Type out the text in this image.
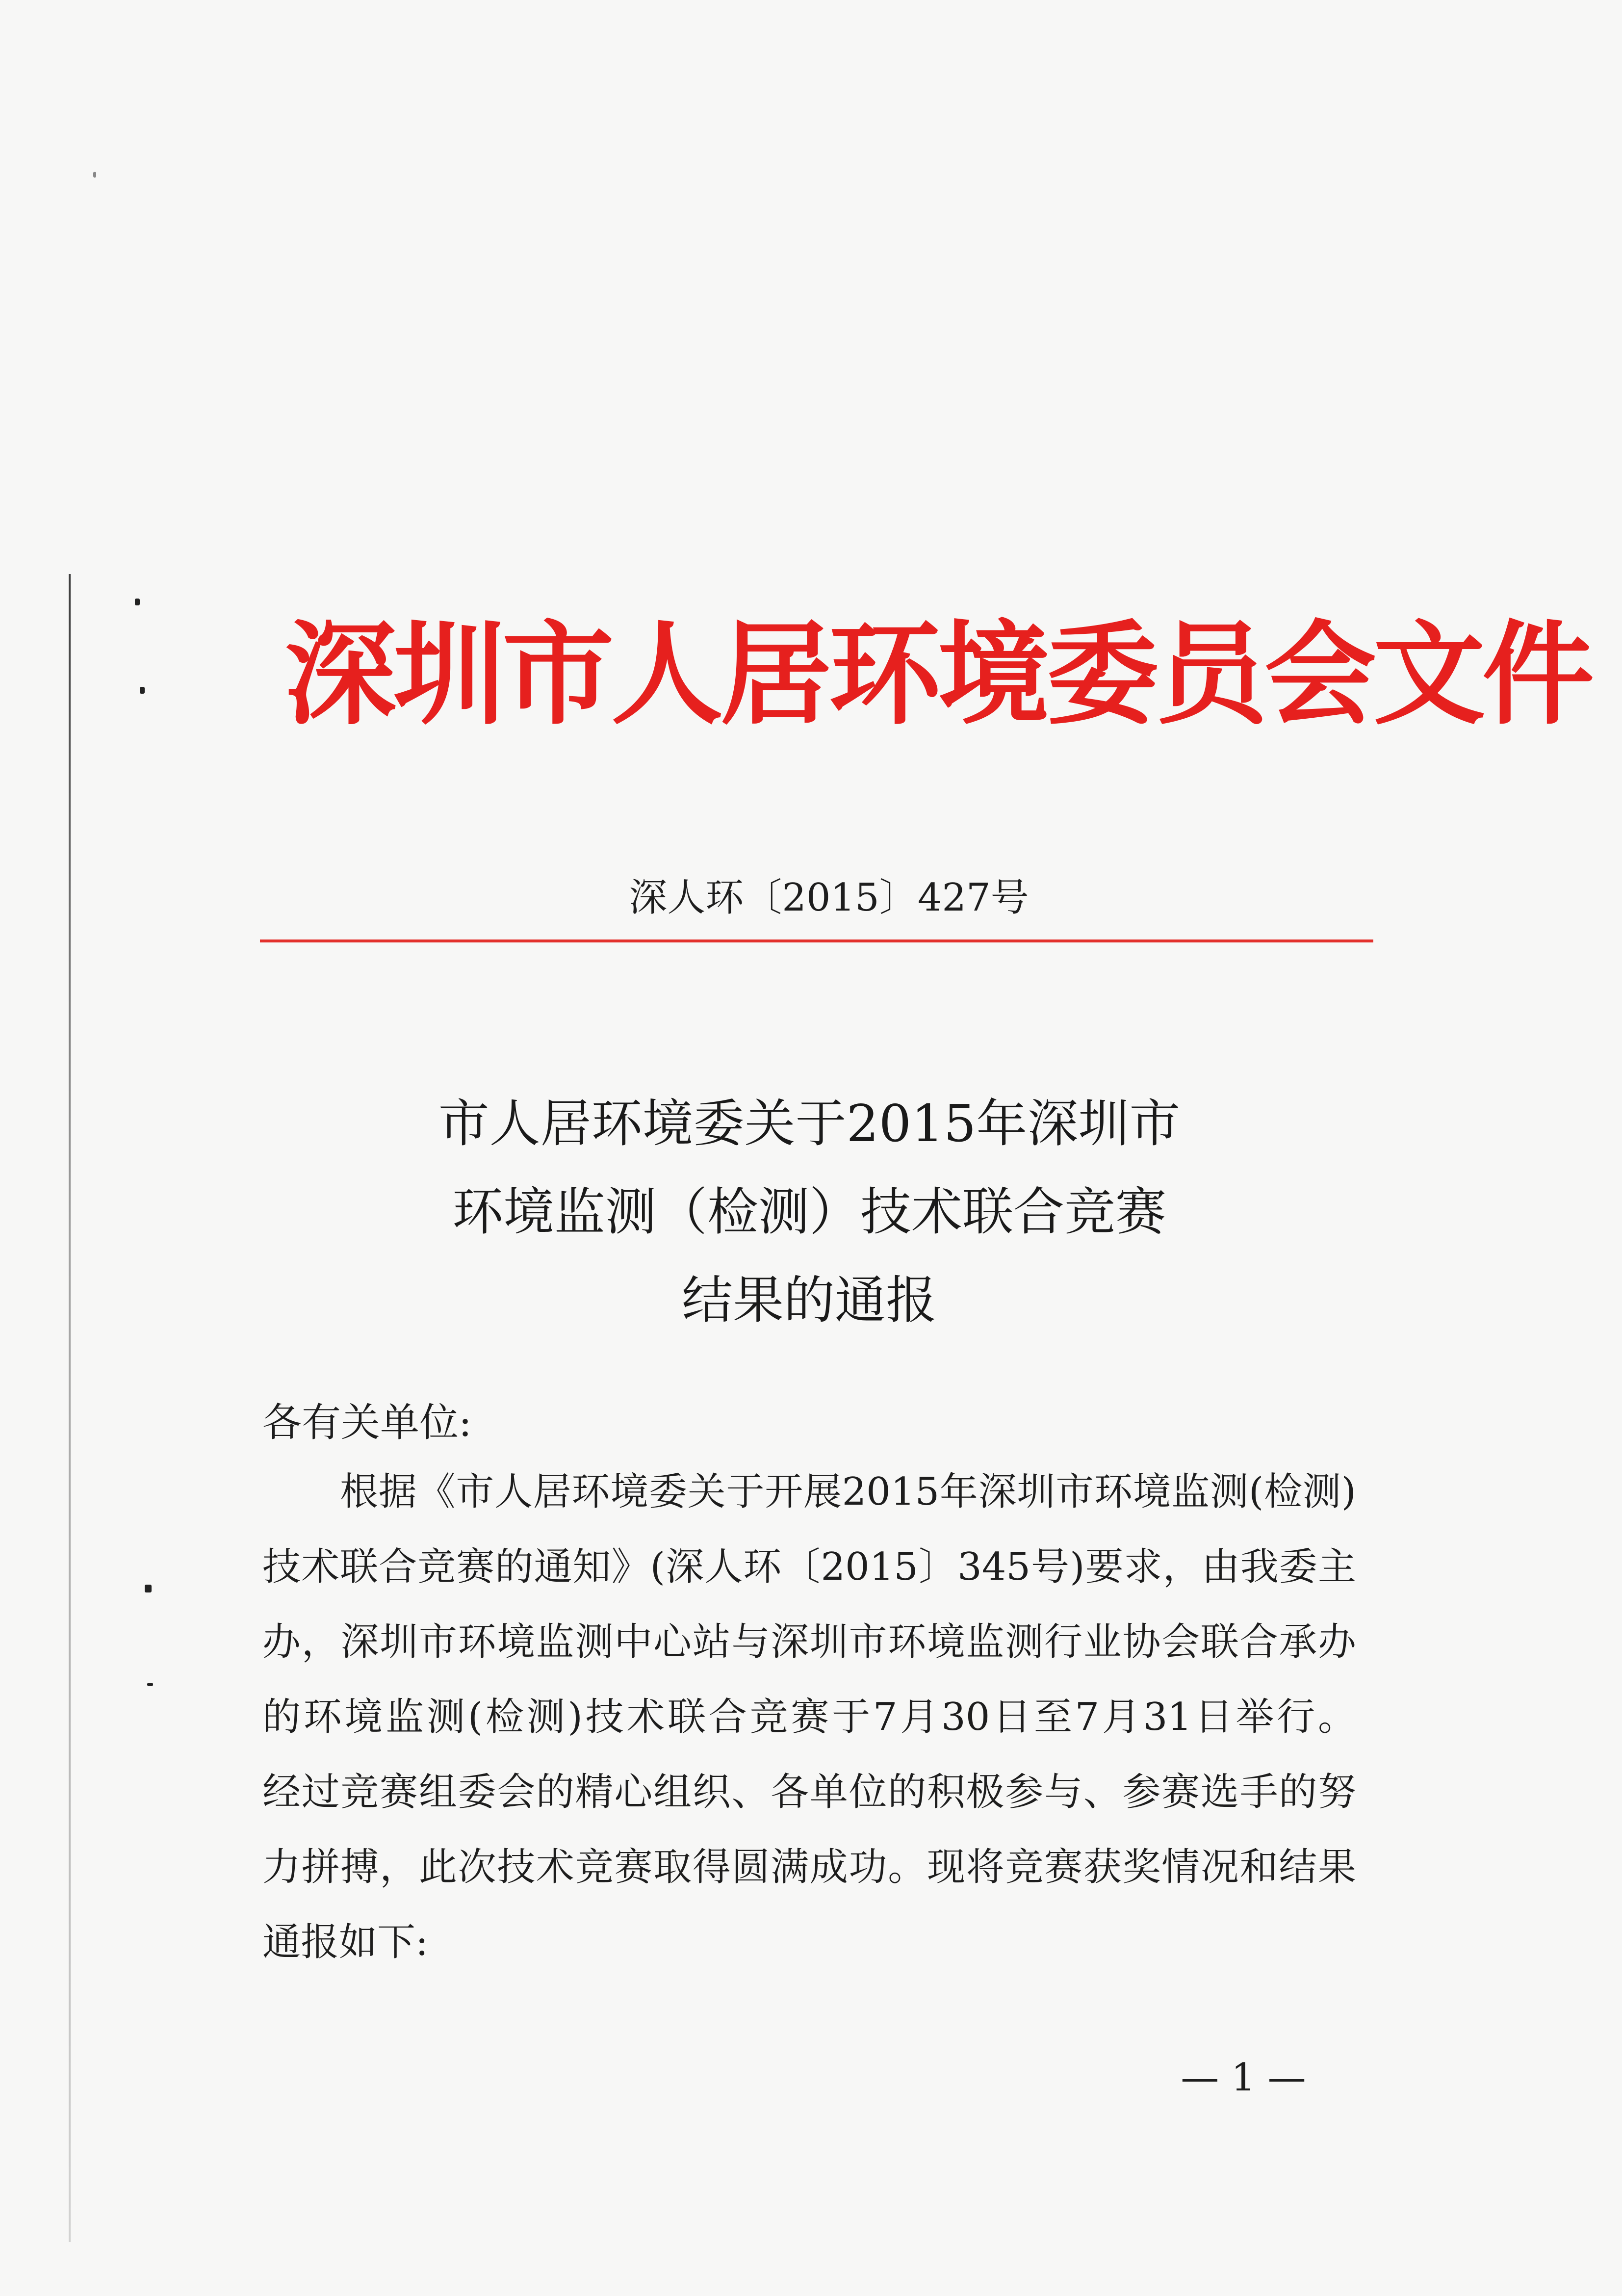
深圳市人居环境委员会文件
深人环〔2015〕427号
市人居环境委关于2015年深圳市
环境监测（检测）技术联合竞赛
结果的通报
各有关单位:
根据《市人居环境委关于开展2015年深圳市环境监测(检测)
技术联合竞赛的通知》(深人环〔2015〕345号)要求，由我委主
办，深圳市环境监测中心站与深圳市环境监测行业协会联合承办
的环境监测(检测)技术联合竞赛于7月30日至7月31日举行。
经过竞赛组委会的精心组织、各单位的积极参与、参赛选手的努
力拼搏，此次技术竞赛取得圆满成功。现将竞赛获奖情况和结果
通报如下:
— 1 —
